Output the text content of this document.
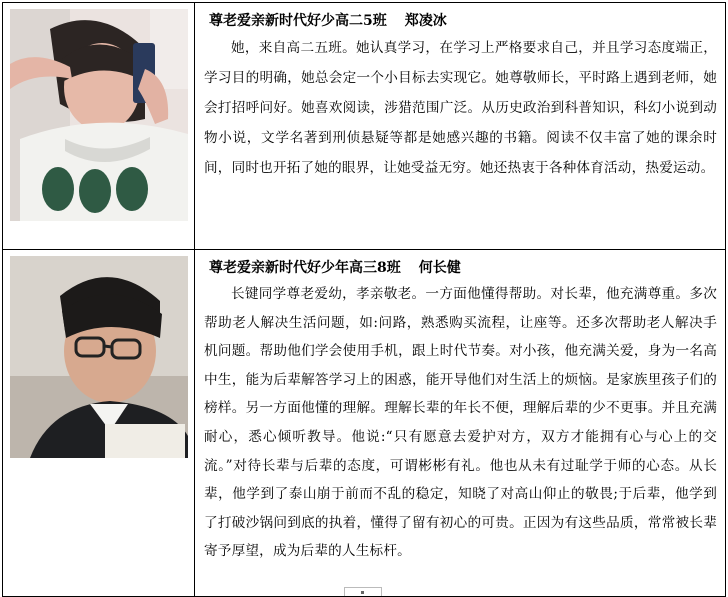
尊老爱亲新时代好少高二5班 郑凌冰

她，来自高二五班。她认真学习，在学习上严格要求自己，并且学习态度端正，学习目的明确，她总会定一个小目标去实现它。她尊敬师长，平时路上遇到老师，她会打招呼问好。她喜欢阅读，涉猎范围广泛。从历史政治到科普知识，科幻小说到动物小说，文学名著到刑侦悬疑等都是她感兴趣的书籍。阅读不仅丰富了她的课余时间，同时也开拓了她的眼界，让她受益无穷。她还热衷于各种体育活动，热爱运动。

尊老爱亲新时代好少年高三8班 何长健

长键同学尊老爱幼，孝亲敬老。一方面他懂得帮助。对长辈，他充满尊重。多次帮助老人解决生活问题，如:问路，熟悉购买流程，让座等。还多次帮助老人解决手机问题。帮助他们学会使用手机，跟上时代节奏。对小孩，他充满关爱，身为一名高中生，能为后辈解答学习上的困惑，能开导他们对生活上的烦恼。是家族里孩子们的榜样。另一方面他懂的理解。理解长辈的年长不便，理解后辈的少不更事。并且充满耐心，悉心倾听教导。他说:“只有愿意去爱护对方，双方才能拥有心与心上的交流。”对待长辈与后辈的态度，可谓彬彬有礼。他也从未有过耻学于师的心态。从长辈，他学到了泰山崩于前而不乱的稳定，知晓了对高山仰止的敬畏;于后辈，他学到了打破沙锅问到底的执着，懂得了留有初心的可贵。正因为有这些品质，常常被长辈寄予厚望，成为后辈的人生标杆。
